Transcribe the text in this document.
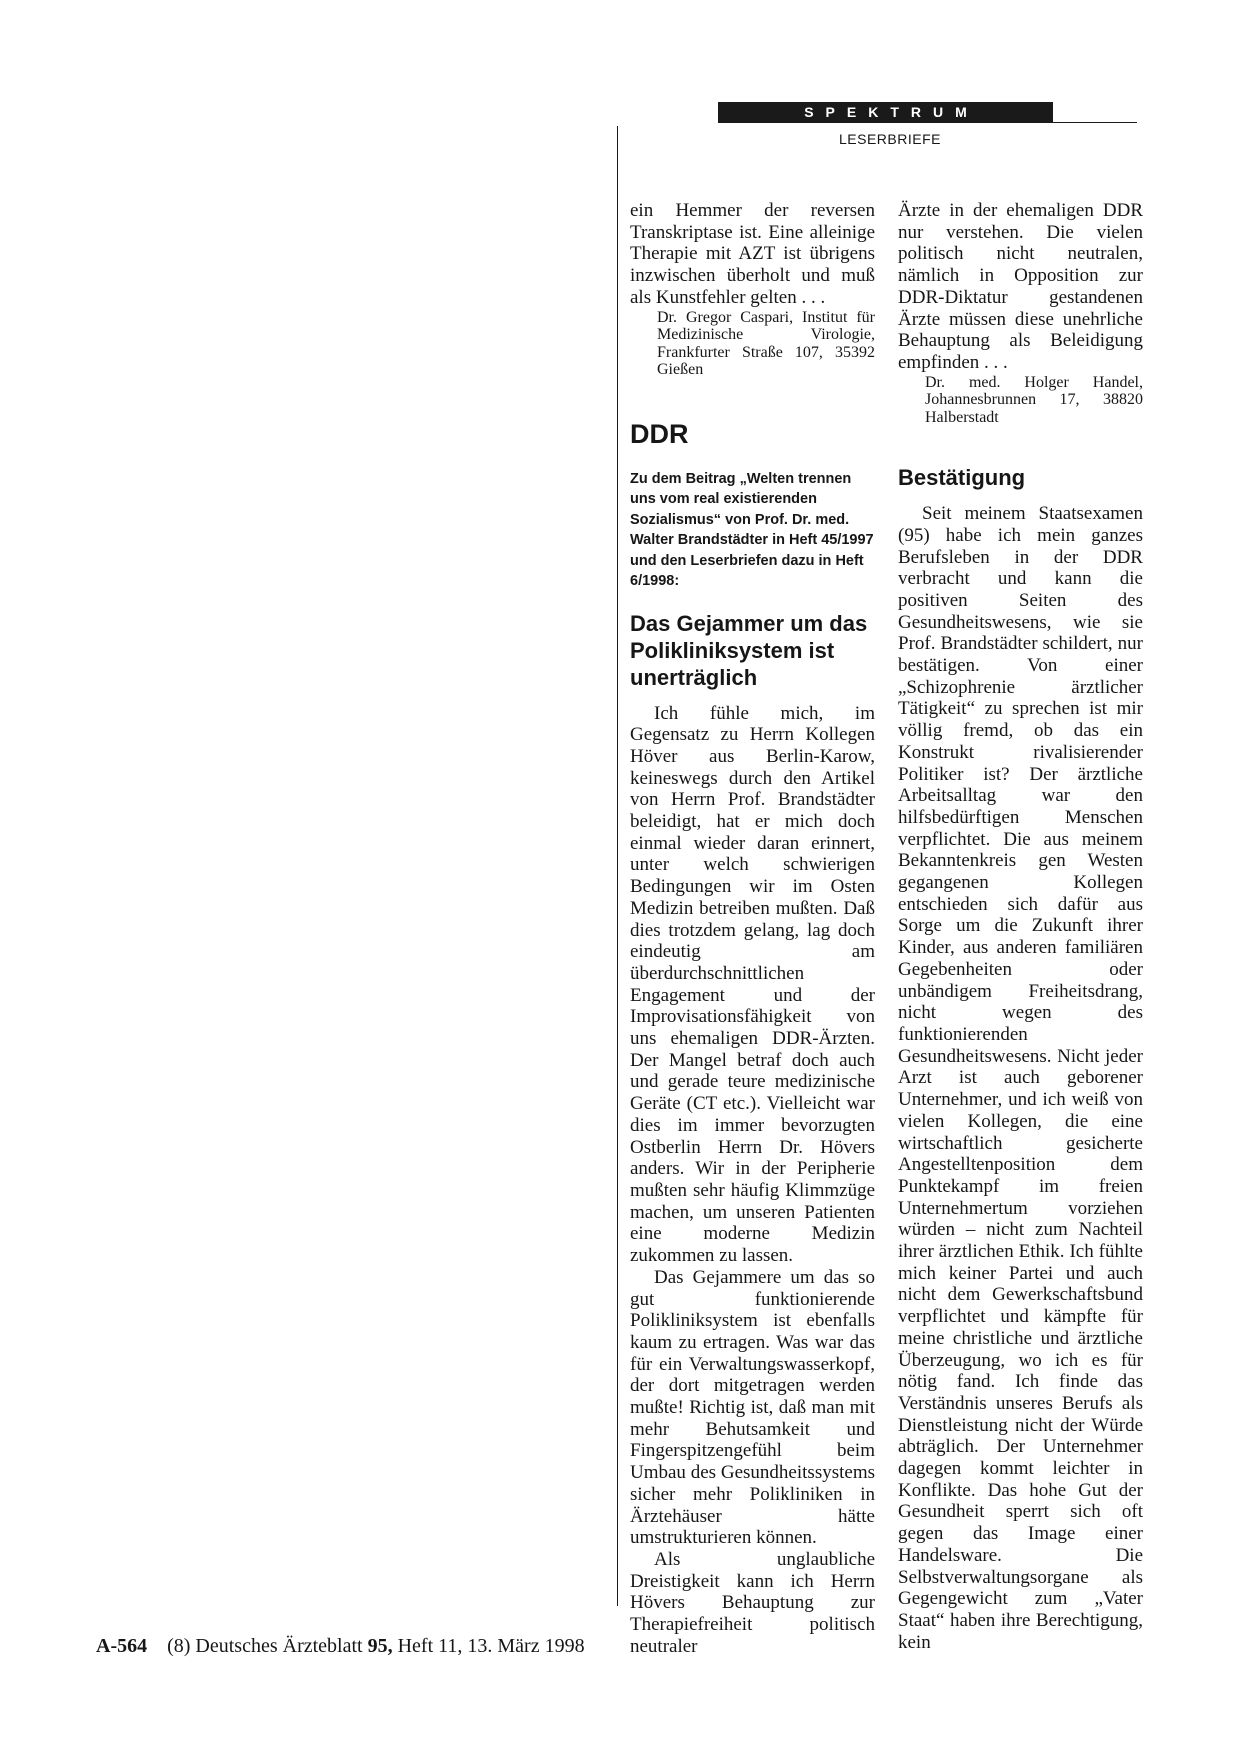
SPEKTRUM
LESERBRIEFE

ein Hemmer der reversen Transkriptase ist. Eine alleinige Therapie mit AZT ist übrigens inzwischen überholt und muß als Kunstfehler gelten . . .

Dr. Gregor Caspari, Institut für Medizinische Virologie, Frankfurter Straße 107, 35392 Gießen

DDR
Zu dem Beitrag „Welten trennen uns vom real existierenden Sozialismus“ von Prof. Dr. med. Walter Brandstädter in Heft 45/1997 und den Leserbriefen dazu in Heft 6/1998:
Das Gejammer um das Polikliniksystem ist unerträglich

Ich fühle mich, im Gegensatz zu Herrn Kollegen Höver aus Berlin-Karow, keineswegs durch den Artikel von Herrn Prof. Brandstädter beleidigt, hat er mich doch einmal wieder daran erinnert, unter welch schwierigen Bedingungen wir im Osten Medizin betreiben mußten. Daß dies trotzdem gelang, lag doch eindeutig am überdurchschnittlichen Engagement und der Improvisationsfähigkeit von uns ehemaligen DDR-Ärzten. Der Mangel betraf doch auch und gerade teure medizinische Geräte (CT etc.). Vielleicht war dies im immer bevorzugten Ostberlin Herrn Dr. Hövers anders. Wir in der Peripherie mußten sehr häufig Klimmzüge machen, um unseren Patienten eine moderne Medizin zukommen zu lassen.

Das Gejammere um das so gut funktionierende Polikliniksystem ist ebenfalls kaum zu ertragen. Was war das für ein Verwaltungswasserkopf, der dort mitgetragen werden mußte! Richtig ist, daß man mit mehr Behutsamkeit und Fingerspitzengefühl beim Umbau des Gesundheitssystems sicher mehr Polikliniken in Ärztehäuser hätte umstrukturieren können.

Als unglaubliche Dreistigkeit kann ich Herrn Hövers Behauptung zur Therapiefreiheit politisch neutraler

Ärzte in der ehemaligen DDR nur verstehen. Die vielen politisch nicht neutralen, nämlich in Opposition zur DDR-Diktatur gestandenen Ärzte müssen diese unehrliche Behauptung als Beleidigung empfinden . . .

Dr. med. Holger Handel, Johannesbrunnen 17, 38820 Halberstadt

Bestätigung

Seit meinem Staatsexamen (95) habe ich mein ganzes Berufsleben in der DDR verbracht und kann die positiven Seiten des Gesundheitswesens, wie sie Prof. Brandstädter schildert, nur bestätigen. Von einer „Schizophrenie ärztlicher Tätigkeit“ zu sprechen ist mir völlig fremd, ob das ein Konstrukt rivalisierender Politiker ist? Der ärztliche Arbeitsalltag war den hilfsbedürftigen Menschen verpflichtet. Die aus meinem Bekanntenkreis gen Westen gegangenen Kollegen entschieden sich dafür aus Sorge um die Zukunft ihrer Kinder, aus anderen familiären Gegebenheiten oder unbändigem Freiheitsdrang, nicht wegen des funktionierenden Gesundheitswesens. Nicht jeder Arzt ist auch geborener Unternehmer, und ich weiß von vielen Kollegen, die eine wirtschaftlich gesicherte Angestelltenposition dem Punktekampf im freien Unternehmertum vorziehen würden – nicht zum Nachteil ihrer ärztlichen Ethik. Ich fühlte mich keiner Partei und auch nicht dem Gewerkschaftsbund verpflichtet und kämpfte für meine christliche und ärztliche Überzeugung, wo ich es für nötig fand. Ich finde das Verständnis unseres Berufs als Dienstleistung nicht der Würde abträglich. Der Unternehmer dagegen kommt leichter in Konflikte. Das hohe Gut der Gesundheit sperrt sich oft gegen das Image einer Handelsware. Die Selbstverwaltungsorgane als Gegengewicht zum „Vater Staat“ haben ihre Berechtigung, kein

A-564 (8) Deutsches Ärzteblatt 95, Heft 11, 13. März 1998
